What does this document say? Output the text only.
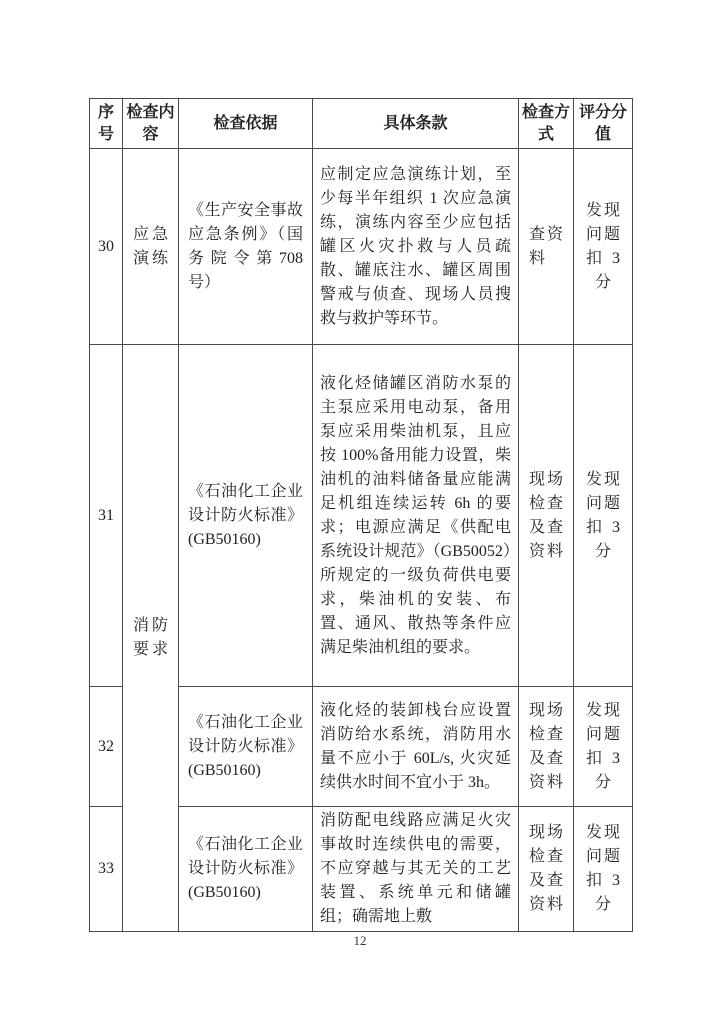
序号	检查内容	检查依据	具体条款	检查方式	评分分值
30	应急演练	《生产安全事故应急条例》（国务院令第708 号）	应制定应急演练计划，至少每半年组织 1 次应急演练，演练内容至少应包括罐区火灾扑救与人员疏散、罐底注水、罐区周围警戒与侦查、现场人员搜救与救护等环节。	查资料	发现问题扣 3 分
31	消防要求	《石油化工企业设计防火标准》(GB50160)	液化烃储罐区消防水泵的主泵应采用电动泵，备用泵应采用柴油机泵，且应按 100%备用能力设置，柴油机的油料储备量应能满足机组连续运转 6h 的要求；电源应满足《供配电系统设计规范》（GB50052）所规定的一级负荷供电要求，柴油机的安装、布置、通风、散热等条件应满足柴油机组的要求。	现场检查及查资料	发现问题扣 3 分
32		《石油化工企业设计防火标准》(GB50160)	液化烃的装卸栈台应设置消防给水系统，消防用水量不应小于 60L/s, 火灾延续供水时间不宜小于 3h。	现场检查及查资料	发现问题扣 3 分
33		《石油化工企业设计防火标准》(GB50160)	消防配电线路应满足火灾事故时连续供电的需要，不应穿越与其无关的工艺装置、系统单元和储罐组；确需地上敷	现场检查及查资料	发现问题扣 3 分
12
